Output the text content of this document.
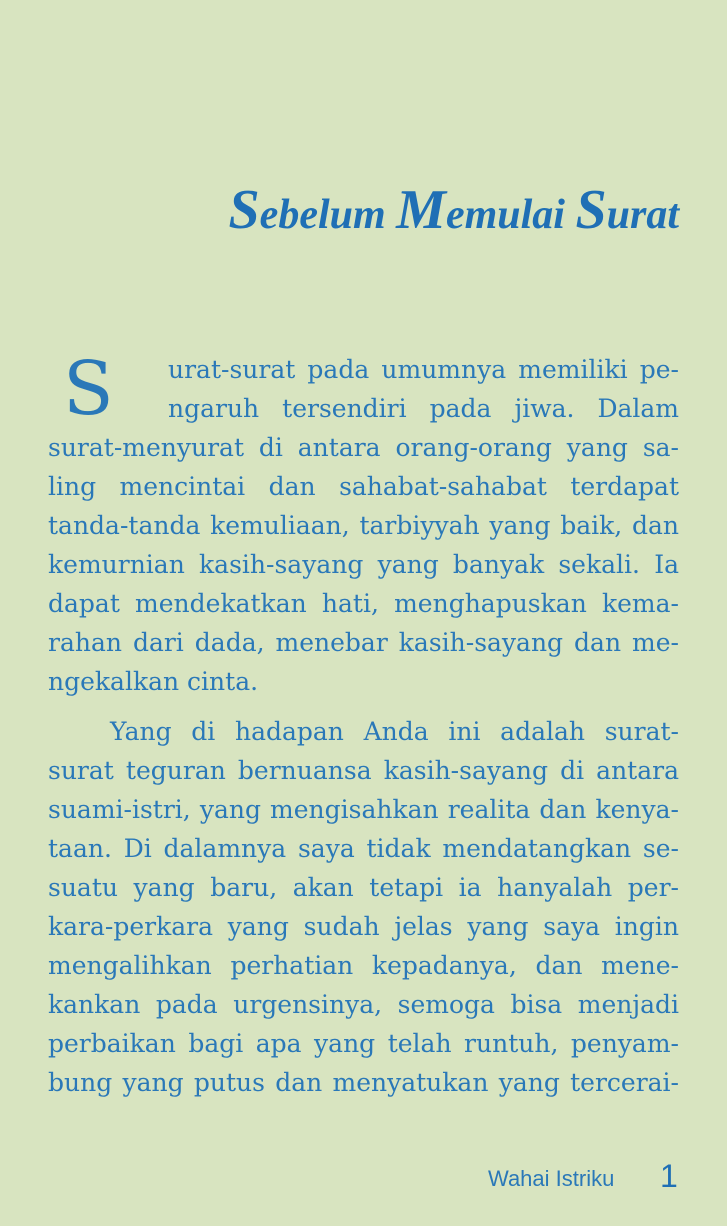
Sebelum Memulai Surat
S	urat-surat pada umumnya memiliki pe-
ngaruh tersendiri pada jiwa. Dalam
surat-menyurat di antara orang-orang yang sa-
ling mencintai dan sahabat-sahabat terdapat
tanda-tanda kemuliaan, tarbiyyah yang baik, dan
kemurnian kasih-sayang yang banyak sekali. Ia
dapat mendekatkan hati, menghapuskan kema-
rahan dari dada, menebar kasih-sayang dan me-
ngekalkan cinta.
Yang di hadapan Anda ini adalah surat-
surat teguran bernuansa kasih-sayang di antara
suami-istri, yang mengisahkan realita dan kenya-
taan. Di dalamnya saya tidak mendatangkan se-
suatu yang baru, akan tetapi ia hanyalah per-
kara-perkara yang sudah jelas yang saya ingin
mengalihkan perhatian kepadanya, dan mene-
kankan pada urgensinya, semoga bisa menjadi
perbaikan bagi apa yang telah runtuh, penyam-
bung yang putus dan menyatukan yang tercerai-
Wahai Istriku 1
